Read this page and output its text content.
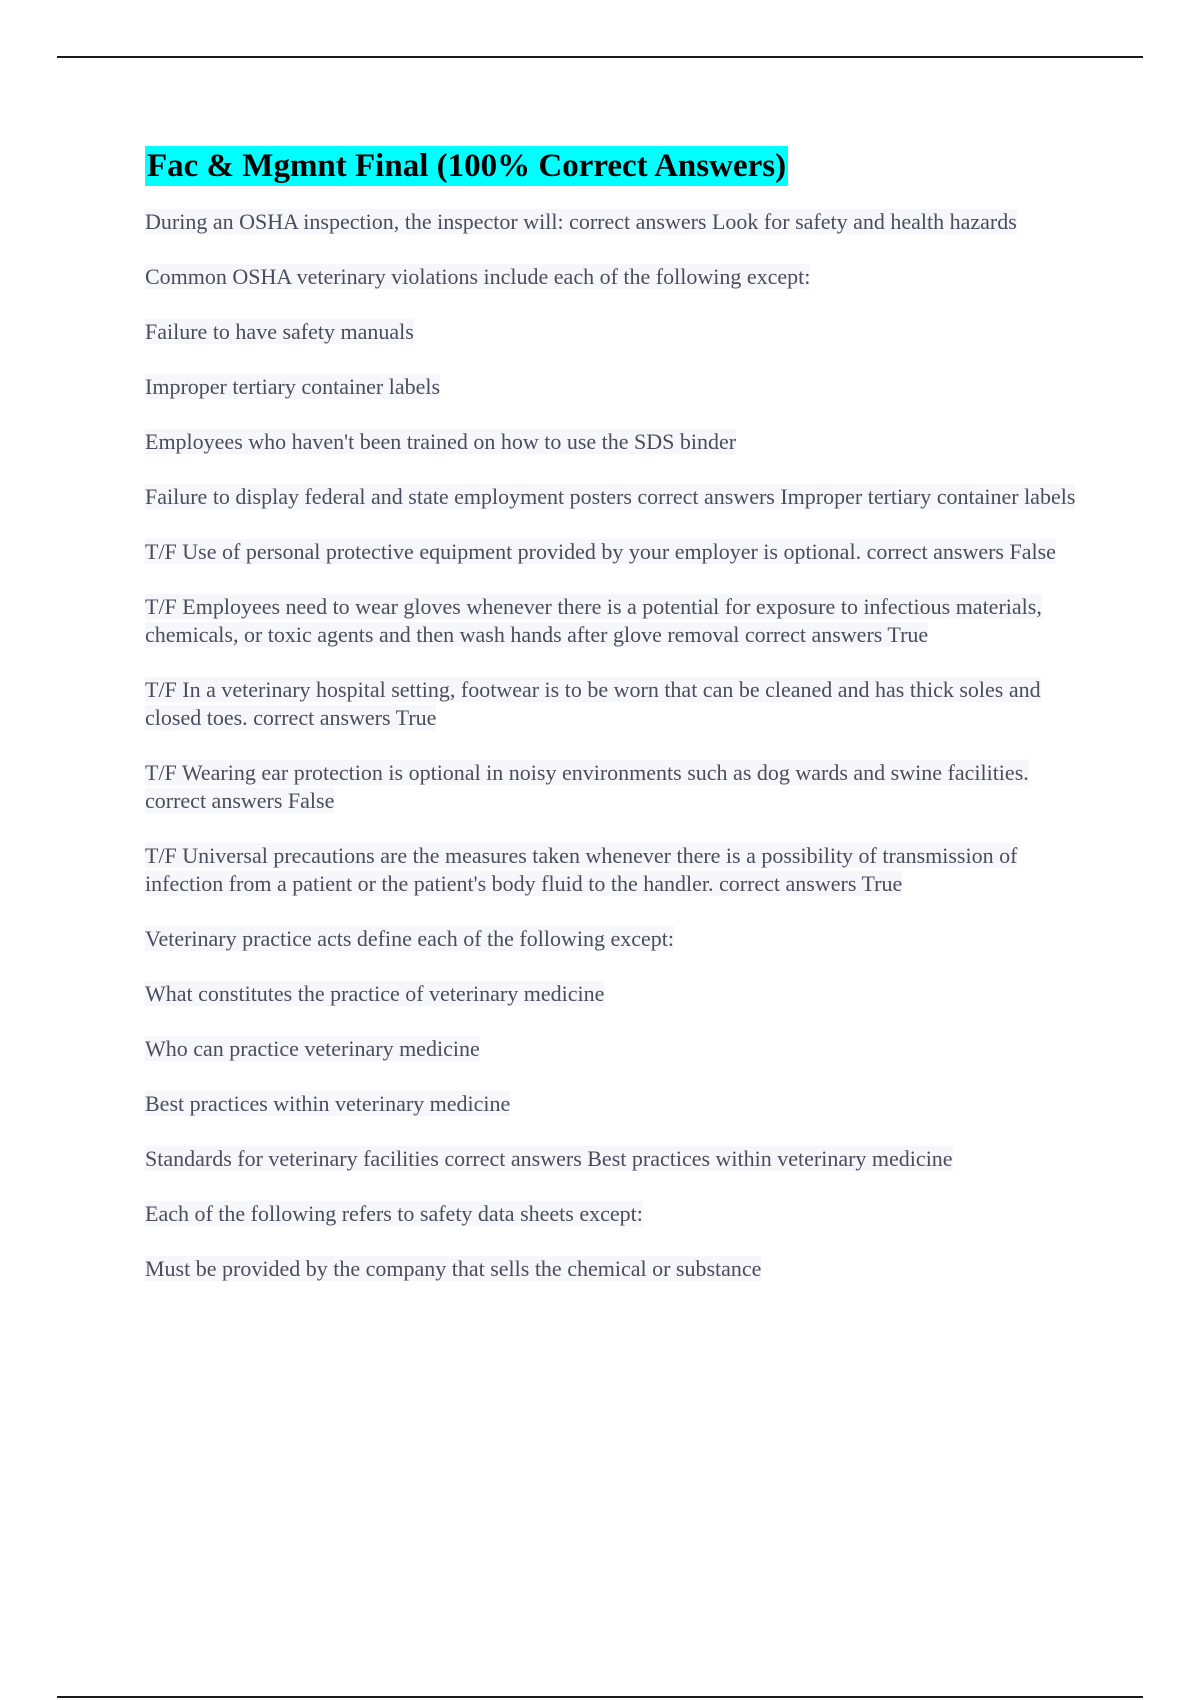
Fac & Mgmnt Final (100% Correct Answers)

During an OSHA inspection, the inspector will: correct answers Look for safety and health hazards

Common OSHA veterinary violations include each of the following except:

Failure to have safety manuals

Improper tertiary container labels

Employees who haven't been trained on how to use the SDS binder

Failure to display federal and state employment posters correct answers Improper tertiary container labels

T/F Use of personal protective equipment provided by your employer is optional. correct answers False

T/F Employees need to wear gloves whenever there is a potential for exposure to infectious materials, chemicals, or toxic agents and then wash hands after glove removal correct answers True

T/F In a veterinary hospital setting, footwear is to be worn that can be cleaned and has thick soles and closed toes. correct answers True

T/F Wearing ear protection is optional in noisy environments such as dog wards and swine facilities. correct answers False

T/F Universal precautions are the measures taken whenever there is a possibility of transmission of infection from a patient or the patient's body fluid to the handler. correct answers True

Veterinary practice acts define each of the following except:

What constitutes the practice of veterinary medicine

Who can practice veterinary medicine

Best practices within veterinary medicine

Standards for veterinary facilities correct answers Best practices within veterinary medicine

Each of the following refers to safety data sheets except:

Must be provided by the company that sells the chemical or substance
